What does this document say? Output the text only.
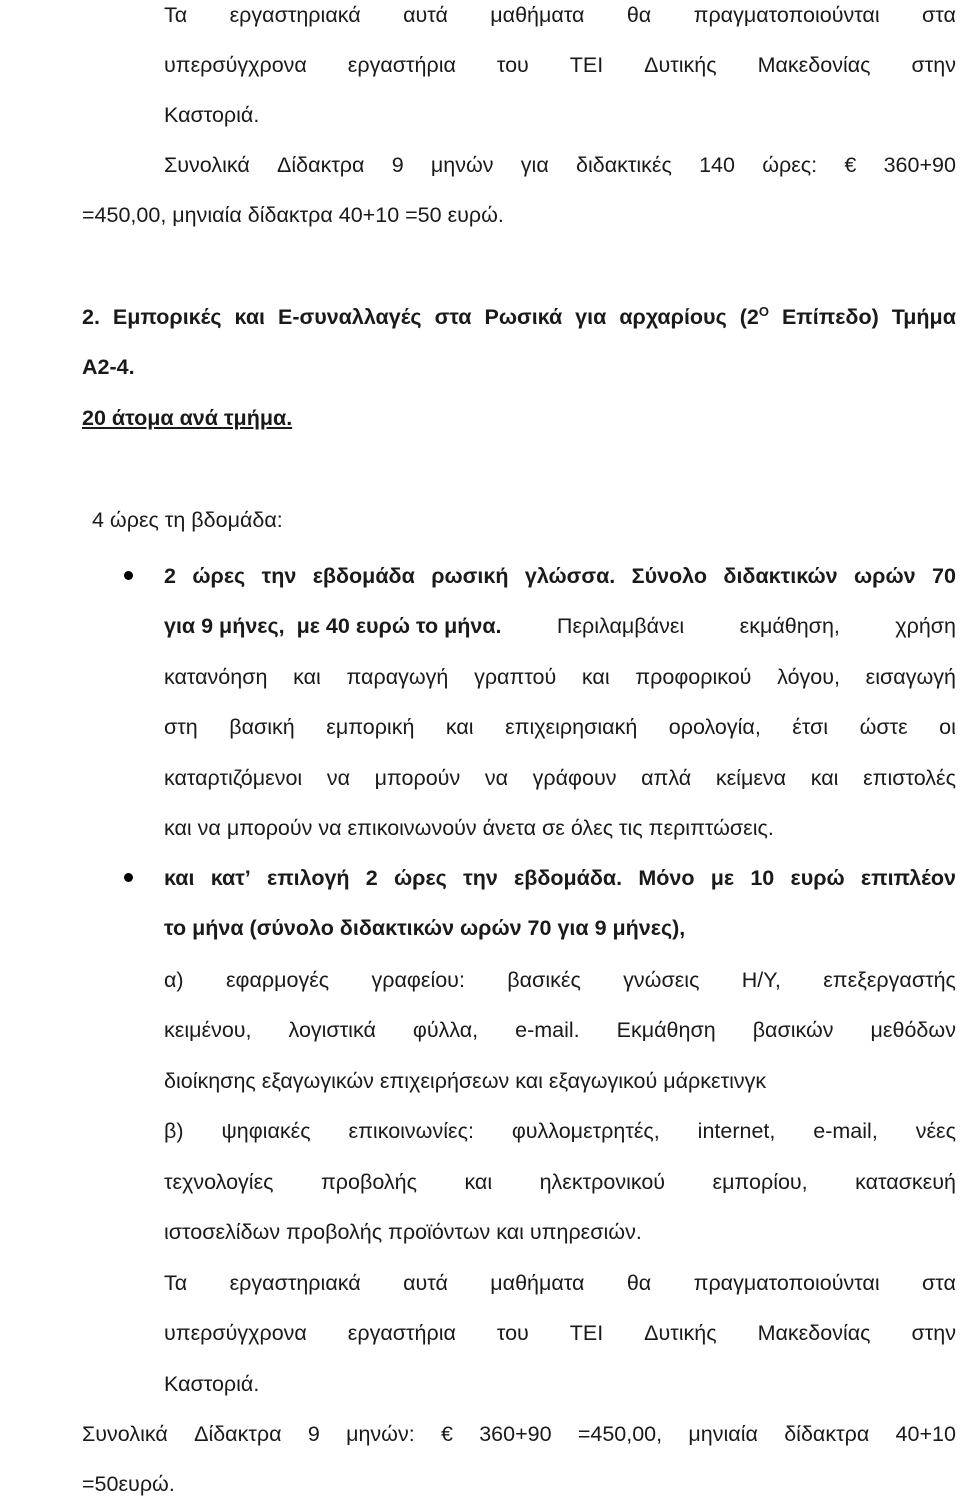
Τα εργαστηριακά αυτά μαθήματα θα πραγματοποιούνται στα
υπερσύγχρονα εργαστήρια του ΤΕΙ Δυτικής Μακεδονίας στην
Καστοριά.
Συνολικά Δίδακτρα 9 μηνών για διδακτικές 140 ώρες: € 360+90
=450,00, μηνιαία δίδακτρα 40+10 =50 ευρώ.
2. Εμπορικές και Ε-συναλλαγές στα Ρωσικά για αρχαρίους ($2^O$ Επίπεδο) Τμήμα
Α2-4.
20 άτομα ανά τμήμα.
4 ώρες τη βδομάδα:
2 ώρες την εβδομάδα ρωσική γλώσσα. Σύνολο διδακτικών ωρών 70
για 9 μήνες,  με 40 ευρώ το μήνα.	Περιλαμβάνει	εκμάθηση,	χρήση
κατανόηση και παραγωγή γραπτού και προφορικού λόγου, εισαγωγή
στη βασική εμπορική και επιχειρησιακή ορολογία, έτσι ώστε οι
καταρτιζόμενοι να μπορούν να γράφουν απλά κείμενα και επιστολές
και να μπορούν να επικοινωνούν άνετα σε όλες τις περιπτώσεις.
και κατ’ επιλογή 2 ώρες την εβδομάδα. Μόνο με 10 ευρώ επιπλέον
το μήνα (σύνολο διδακτικών ωρών 70 για 9 μήνες),
α) εφαρμογές γραφείου: βασικές γνώσεις Η/Υ, επεξεργαστής
κειμένου, λογιστικά φύλλα, e-mail. Εκμάθηση βασικών μεθόδων
διοίκησης εξαγωγικών επιχειρήσεων και εξαγωγικού μάρκετινγκ
β) ψηφιακές επικοινωνίες: φυλλομετρητές, internet, e-mail, νέες
τεχνολογίες προβολής και ηλεκτρονικού εμπορίου, κατασκευή
ιστοσελίδων προβολής προϊόντων και υπηρεσιών.
Τα εργαστηριακά αυτά μαθήματα θα πραγματοποιούνται στα
υπερσύγχρονα εργαστήρια του ΤΕΙ Δυτικής Μακεδονίας στην
Καστοριά.
Συνολικά Δίδακτρα 9 μηνών: € 360+90 =450,00, μηνιαία δίδακτρα 40+10
=50ευρώ.
